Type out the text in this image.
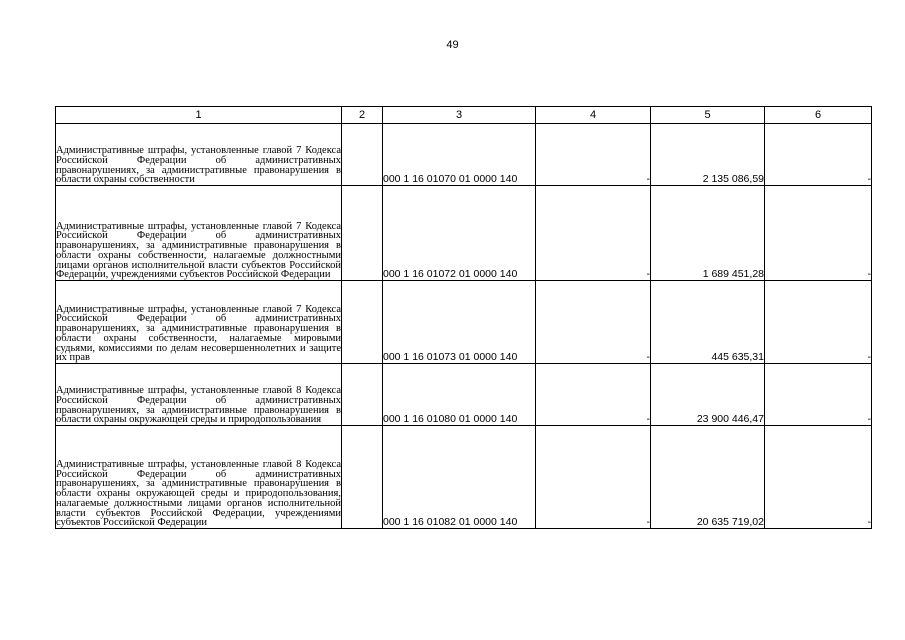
49
1	2	3	4	5	6
Административные штрафы, установленные главой 7 Кодекса Российской Федерации об административных правонарушениях, за административные правонарушения в области охраны собственности		000 1 16 01070 01 0000 140	-	2 135 086,59	-
Административные штрафы, установленные главой 7 Кодекса Российской Федерации об административных правонарушениях, за административные правонарушения в области охраны собственности, налагаемые должностными лицами органов исполнительной власти субъектов Российской Федерации, учреждениями субъектов Российской Федерации		000 1 16 01072 01 0000 140	-	1 689 451,28	-
Административные штрафы, установленные главой 7 Кодекса Российской Федерации об административных правонарушениях, за административные правонарушения в области охраны собственности, налагаемые мировыми судьями, комиссиями по делам несовершеннолетних и защите их прав		000 1 16 01073 01 0000 140	-	445 635,31	-
Административные штрафы, установленные главой 8 Кодекса Российской Федерации об административных правонарушениях, за административные правонарушения в области охраны окружающей среды и природопользования		000 1 16 01080 01 0000 140	-	23 900 446,47	-
Административные штрафы, установленные главой 8 Кодекса Российской Федерации об административных правонарушениях, за административные правонарушения в области охраны окружающей среды и природопользования, налагаемые должностными лицами органов исполнительной власти субъектов Российской Федерации, учреждениями субъектов Российской Федерации		000 1 16 01082 01 0000 140	-	20 635 719,02	-
